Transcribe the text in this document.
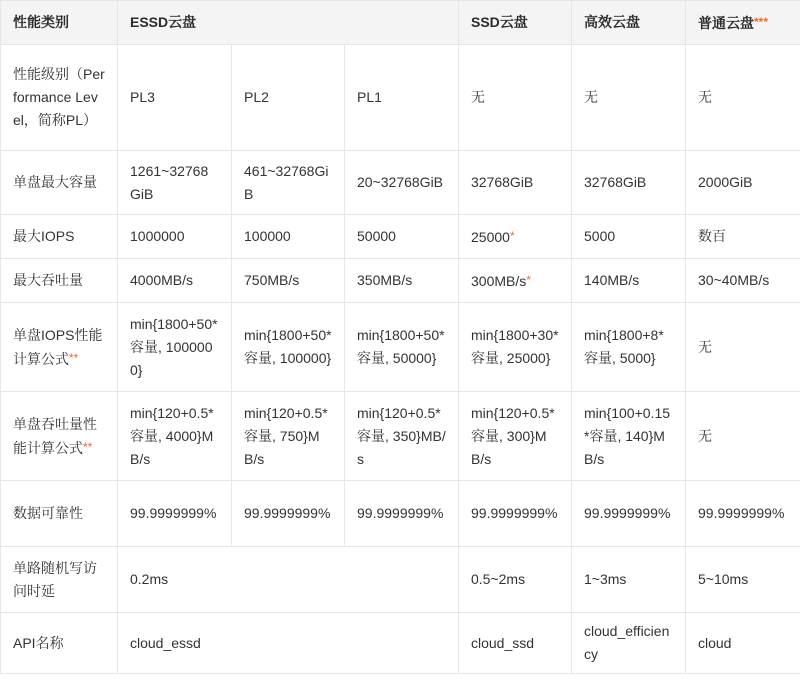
性能类别	ESSD云盘			SSD云盘	高效云盘	普通云盘***
性能级别（Performance Level，简称PL）	PL3	PL2	PL1	无	无	无
单盘最大容量	1261~32768GiB	461~32768GiB	20~32768GiB	32768GiB	32768GiB	2000GiB
最大IOPS	1000000	100000	50000	25000*	5000	数百
最大吞吐量	4000MB/s	750MB/s	350MB/s	300MB/s*	140MB/s	30~40MB/s
单盘IOPS性能计算公式**	min{1800+50*容量, 1000000}	min{1800+50*容量, 100000}	min{1800+50*容量, 50000}	min{1800+30*容量, 25000}	min{1800+8*容量, 5000}	无
单盘吞吐量性能计算公式**	min{120+0.5*容量, 4000}MB/s	min{120+0.5*容量, 750}MB/s	min{120+0.5*容量, 350}MB/s	min{120+0.5*容量, 300}MB/s	min{100+0.15*容量, 140}MB/s	无
数据可靠性	99.9999999%	99.9999999%	99.9999999%	99.9999999%	99.9999999%	99.9999999%
单路随机写访问时延	0.2ms			0.5~2ms	1~3ms	5~10ms
API名称	cloud_essd			cloud_ssd	cloud_efficiency	cloud
